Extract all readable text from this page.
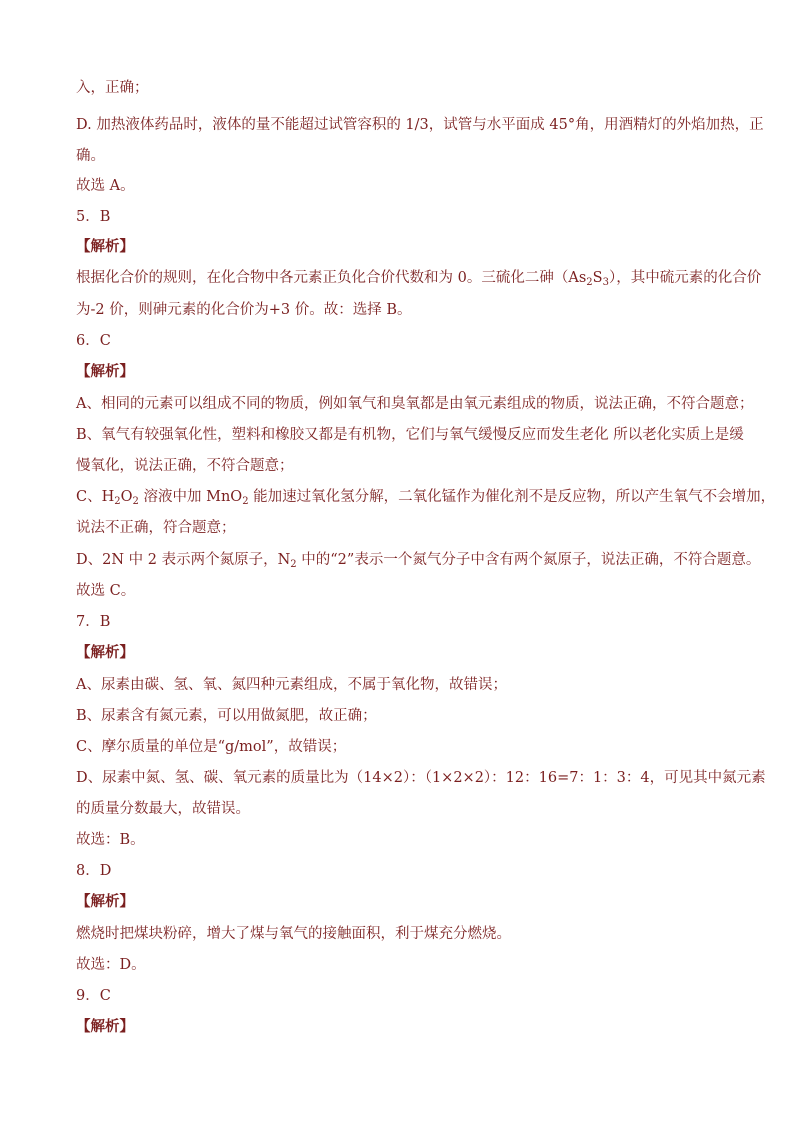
入，正确；
D. 加热液体药品时，液体的量不能超过试管容积的 1/3，试管与水平面成 45°角，用酒精灯的外焰加热，正
确。
故选 A。
5．B
【解析】
根据化合价的规则，在化合物中各元素正负化合价代数和为 0。三硫化二砷$(As_2S_3)$，其中硫元素的化合价
为-2 价，则砷元素的化合价为+3 价。故：选择 B。
6．C
【解析】
A、相同的元素可以组成不同的物质，例如氧气和臭氧都是由氧元素组成的物质，说法正确，不符合题意；
B、氧气有较强氧化性，塑料和橡胶又都是有机物，它们与氧气缓慢反应而发生老化 所以老化实质上是缓
慢氧化，说法正确，不符合题意；
C、$H_2O_2$ 溶液中加 MnO$_2$ 能加速过氧化氢分解，二氧化锰作为催化剂不是反应物，所以产生氧气不会增加，
说法不正确，符合题意；
D、2N 中 2 表示两个氮原子，$N_2$ 中的“2”表示一个氮气分子中含有两个氮原子，说法正确，不符合题意。
故选 C。
7．B
【解析】
A、尿素由碳、氢、氧、氮四种元素组成，不属于氧化物，故错误；
B、尿素含有氮元素，可以用做氮肥，故正确；
C、摩尔质量的单位是“g/mol”，故错误；
D、尿素中氮、氢、碳、氧元素的质量比为（14×2）：（1×2×2）：12：16=7：1：3：4，可见其中氮元素
的质量分数最大，故错误。
故选：B。
8．D
【解析】
燃烧时把煤块粉碎，增大了煤与氧气的接触面积，利于煤充分燃烧。
故选：D。
9．C
【解析】
